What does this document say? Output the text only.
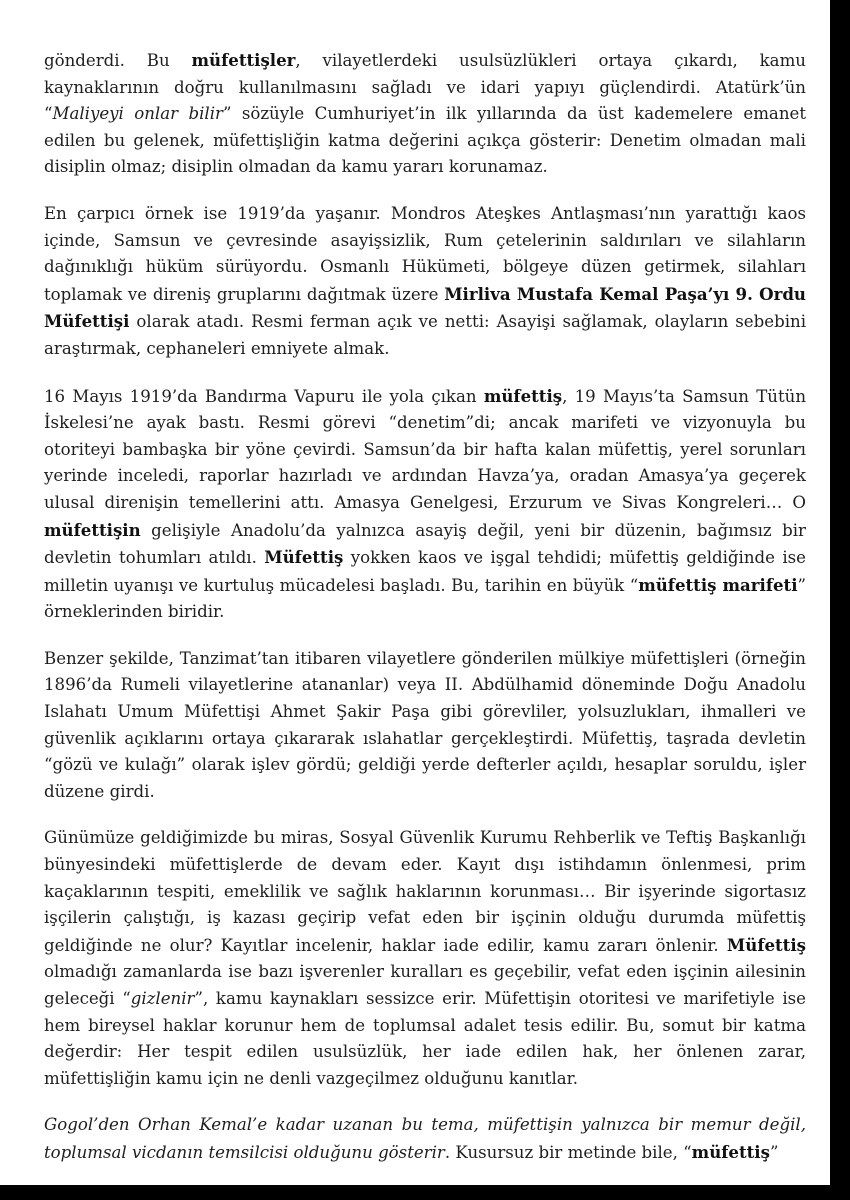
gönderdi. Bu müfettişler, vilayetlerdeki usulsüzlükleri ortaya çıkardı, kamu kaynaklarının doğru kullanılmasını sağladı ve idari yapıyı güçlendirdi. Atatürk’ün “Maliyeyi onlar bilir” sözüyle Cumhuriyet’in ilk yıllarında da üst kademelere emanet edilen bu gelenek, müfettişliğin katma değerini açıkça gösterir: Denetim olmadan mali disiplin olmaz; disiplin olmadan da kamu yararı korunamaz.

En çarpıcı örnek ise 1919’da yaşanır. Mondros Ateşkes Antlaşması’nın yarattığı kaos içinde, Samsun ve çevresinde asayişsizlik, Rum çetelerinin saldırıları ve silahların dağınıklığı hüküm sürüyordu. Osmanlı Hükümeti, bölgeye düzen getirmek, silahları toplamak ve direniş gruplarını dağıtmak üzere Mirliva Mustafa Kemal Paşa’yı 9. Ordu Müfettişi olarak atadı. Resmi ferman açık ve netti: Asayişi sağlamak, olayların sebebini araştırmak, cephaneleri emniyete almak.

16 Mayıs 1919’da Bandırma Vapuru ile yola çıkan müfettiş, 19 Mayıs’ta Samsun Tütün İskelesi’ne ayak bastı. Resmi görevi “denetim”di; ancak marifeti ve vizyonuyla bu otoriteyi bambaşka bir yöne çevirdi. Samsun’da bir hafta kalan müfettiş, yerel sorunları yerinde inceledi, raporlar hazırladı ve ardından Havza’ya, oradan Amasya’ya geçerek ulusal direnişin temellerini attı. Amasya Genelgesi, Erzurum ve Sivas Kongreleri… O müfettişin gelişiyle Anadolu’da yalnızca asayiş değil, yeni bir düzenin, bağımsız bir devletin tohumları atıldı. Müfettiş yokken kaos ve işgal tehdidi; müfettiş geldiğinde ise milletin uyanışı ve kurtuluş mücadelesi başladı. Bu, tarihin en büyük “müfettiş marifeti” örneklerinden biridir.

Benzer şekilde, Tanzimat’tan itibaren vilayetlere gönderilen mülkiye müfettişleri (örneğin 1896’da Rumeli vilayetlerine atananlar) veya II. Abdülhamid döneminde Doğu Anadolu Islahatı Umum Müfettişi Ahmet Şakir Paşa gibi görevliler, yolsuzlukları, ihmalleri ve güvenlik açıklarını ortaya çıkararak ıslahatlar gerçekleştirdi. Müfettiş, taşrada devletin “gözü ve kulağı” olarak işlev gördü; geldiği yerde defterler açıldı, hesaplar soruldu, işler düzene girdi.

Günümüze geldiğimizde bu miras, Sosyal Güvenlik Kurumu Rehberlik ve Teftiş Başkanlığı bünyesindeki müfettişlerde de devam eder. Kayıt dışı istihdamın önlenmesi, prim kaçaklarının tespiti, emeklilik ve sağlık haklarının korunması… Bir işyerinde sigortasız işçilerin çalıştığı, iş kazası geçirip vefat eden bir işçinin olduğu durumda müfettiş geldiğinde ne olur? Kayıtlar incelenir, haklar iade edilir, kamu zararı önlenir. Müfettiş olmadığı zamanlarda ise bazı işverenler kuralları es geçebilir, vefat eden işçinin ailesinin geleceği “gizlenir”, kamu kaynakları sessizce erir. Müfettişin otoritesi ve marifetiyle ise hem bireysel haklar korunur hem de toplumsal adalet tesis edilir. Bu, somut bir katma değerdir: Her tespit edilen usulsüzlük, her iade edilen hak, her önlenen zarar, müfettişliğin kamu için ne denli vazgeçilmez olduğunu kanıtlar.

Gogol’den Orhan Kemal’e kadar uzanan bu tema, müfettişin yalnızca bir memur değil, toplumsal vicdanın temsilcisi olduğunu gösterir. Kusursuz bir metinde bile, “müfettiş”
